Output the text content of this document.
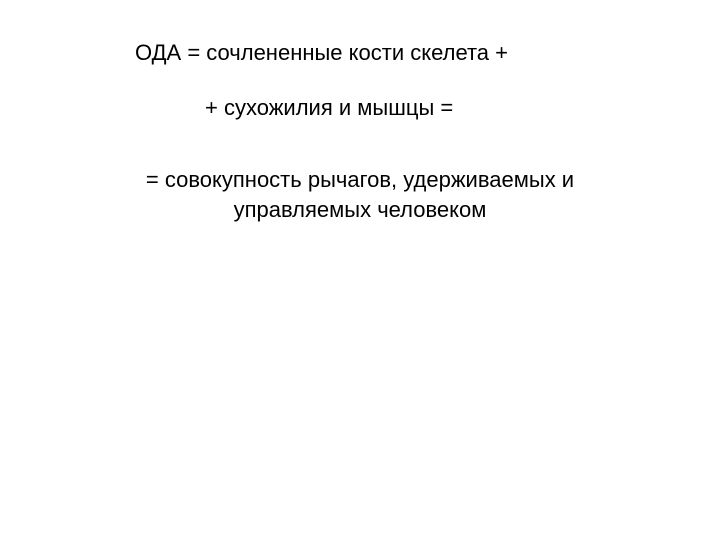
ОДА = сочлененные кости скелета +
+ сухожилия и мышцы =
= совокупность рычагов, удерживаемых и
управляемых человеком
